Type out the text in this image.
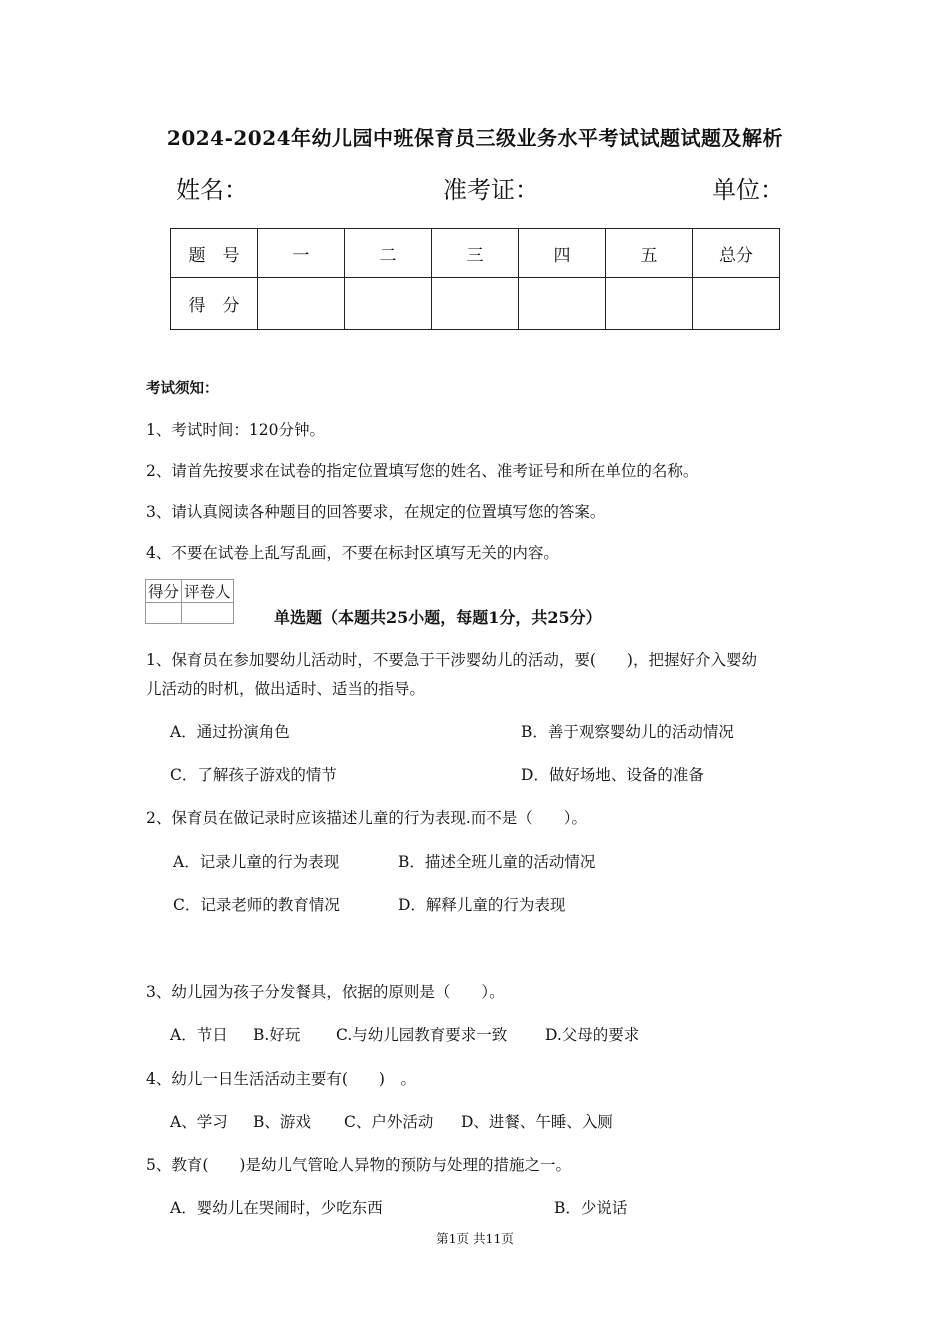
2024-2024年幼儿园中班保育员三级业务水平考试试题试题及解析
姓名：	准考证：	单位：
题　号	一	二	三	四	五	总分
得　分						
考试须知：
1、考试时间：120分钟。
2、请首先按要求在试卷的指定位置填写您的姓名、准考证号和所在单位的名称。
3、请认真阅读各种题目的回答要求，在规定的位置填写您的答案。
4、不要在试卷上乱写乱画，不要在标封区填写无关的内容。
得分	评卷人

单选题（本题共25小题，每题1分，共25分）
1、保育员在参加婴幼儿活动时，不要急于干涉婴幼儿的活动，要(　　)，把握好介入婴幼
儿活动的时机，做出适时、适当的指导。
A．通过扮演角色	B．善于观察婴幼儿的活动情况
C．了解孩子游戏的情节	D．做好场地、设备的准备
2、保育员在做记录时应该描述儿童的行为表现.而不是（　　）。
A．记录儿童的行为表现	B．描述全班儿童的活动情况
C．记录老师的教育情况	D．解释儿童的行为表现
3、幼儿园为孩子分发餐具，依据的原则是（　　）。
A．节日 B.好玩 C.与幼儿园教育要求一致 D.父母的要求
4、幼儿一日生活活动主要有(　　)　。
A、学习 B、游戏 C、户外活动 D、进餐、午睡、入厕
5、教育(　　)是幼儿气管呛人异物的预防与处理的措施之一。
A．婴幼儿在哭闹时，少吃东西	B．少说话
第1页 共11页
